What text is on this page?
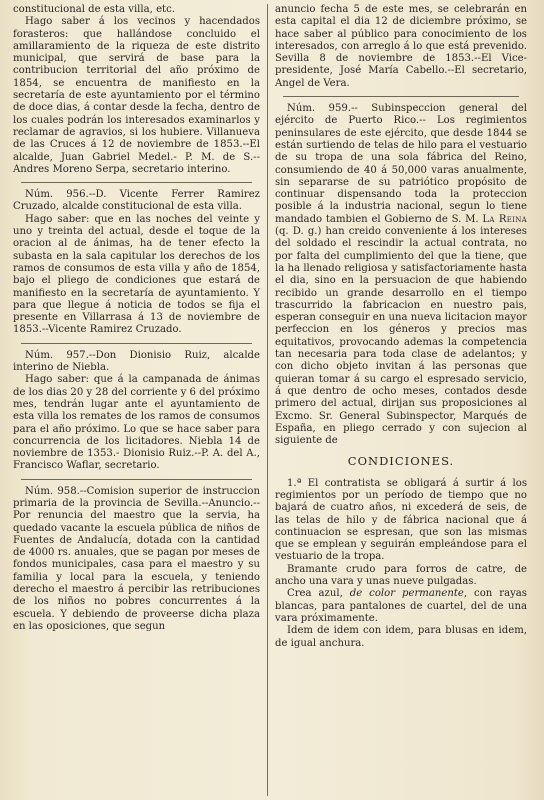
constitucional de esta villa, etc.

Hago saber á los vecinos y hacendados forasteros: que hallándose concluido el amillaramiento de la riqueza de este distrito municipal, que servirá de base para la contribucion territorial del año próximo de 1854, se encuentra de manifiesto en la secretaría de este ayuntamiento por el término de doce dias, á contar desde la fecha, dentro de los cuales podrán los interesados examinarlos y reclamar de agravios, si los hubiere. Villanueva de las Cruces á 12 de noviembre de 1853.--El alcalde, Juan Gabriel Medel.- P. M. de S.--Andres Moreno Serpa, secretario interino.

Núm. 956.--D. Vicente Ferrer Ramirez Cruzado, alcalde constitucional de esta villa.

Hago saber: que en las noches del veinte y uno y treinta del actual, desde el toque de la oracion al de ánimas, ha de tener efecto la subasta en la sala capitular los derechos de los ramos de consumos de esta villa y año de 1854, bajo el pliego de condiciones que estará de manifiesto en la secretaría de ayuntamiento. Y para que llegue á noticia de todos se fija el presente en Villarrasa á 13 de noviembre de 1853.--Vicente Ramirez Cruzado.

Núm. 957.--Don Dionisio Ruiz, alcalde interino de Niebla.

Hago saber: que á la campanada de ánimas de los dias 20 y 28 del corriente y 6 del próximo mes, tendrán lugar ante el ayuntamiento de esta villa los remates de los ramos de consumos para el año próximo. Lo que se hace saber para concurrencia de los licitadores. Niebla 14 de noviembre de 1353.- Dionisio Ruiz.--P. A. del A., Francisco Waflar, secretario.

Núm. 958.--Comision superior de instruccion primaria de la provincia de Sevilla.--Anuncio.--Por renuncia del maestro que la servia, ha quedado vacante la escuela pública de niños de Fuentes de Andalucía, dotada con la cantidad de 4000 rs. anuales, que se pagan por meses de fondos municipales, casa para el maestro y su familia y local para la escuela, y teniendo derecho el maestro á percibir las retribuciones de los niños no pobres concurrentes á la escuela. Y debiendo de proveerse dicha plaza en las oposiciones, que segun

anuncio fecha 5 de este mes, se celebrarán en esta capital el dia 12 de diciembre próximo, se hace saber al público para conocimiento de los interesados, con arreglo á lo que está prevenido. Sevilla 8 de noviembre de 1853.--El Vice-presidente, José María Cabello.--El secretario, Angel de Vera.

Núm. 959.-- Subinspeccion general del ejército de Puerto Rico.-- Los regimientos peninsulares de este ejército, que desde 1844 se están surtiendo de telas de hilo para el vestuario de su tropa de una sola fábrica del Reino, consumiendo de 40 á 50,000 varas anualmente, sin separarse de su patriótico propósito de continuar dispensando toda la proteccion posible á la industria nacional, segun lo tiene mandado tambien el Gobierno de S. M. La Reina (q. D. g.) han creido conveniente á los intereses del soldado el rescindir la actual contrata, no por falta del cumplimiento del que la tiene, que la ha llenado religiosa y satisfactoriamente hasta el dia, sino en la persuacion de que habiendo recibido un grande desarrollo en el tiempo trascurrido la fabricacion en nuestro pais, esperan conseguir en una nueva licitacion mayor perfeccion en los géneros y precios mas equitativos, provocando ademas la competencia tan necesaria para toda clase de adelantos; y con dicho objeto invitan á las personas que quieran tomar á su cargo el espresado servicio, á que dentro de ocho meses, contados desde primero del actual, dirijan sus proposiciones al Excmo. Sr. General Subinspector, Marqués de España, en pliego cerrado y con sujecion al siguiente de

CONDICIONES.

1.ª El contratista se obligará á surtir á los regimientos por un período de tiempo que no bajará de cuatro años, ni excederá de seis, de las telas de hilo y de fábrica nacional que á continuacion se espresan, que son las mismas que se emplean y seguirán empleándose para el vestuario de la tropa.

Bramante crudo para forros de catre, de ancho una vara y unas nueve pulgadas.

Crea azul, de color permanente, con rayas blancas, para pantalones de cuartel, del de una vara próximamente.

Idem de idem con idem, para blusas en idem, de igual anchura.
